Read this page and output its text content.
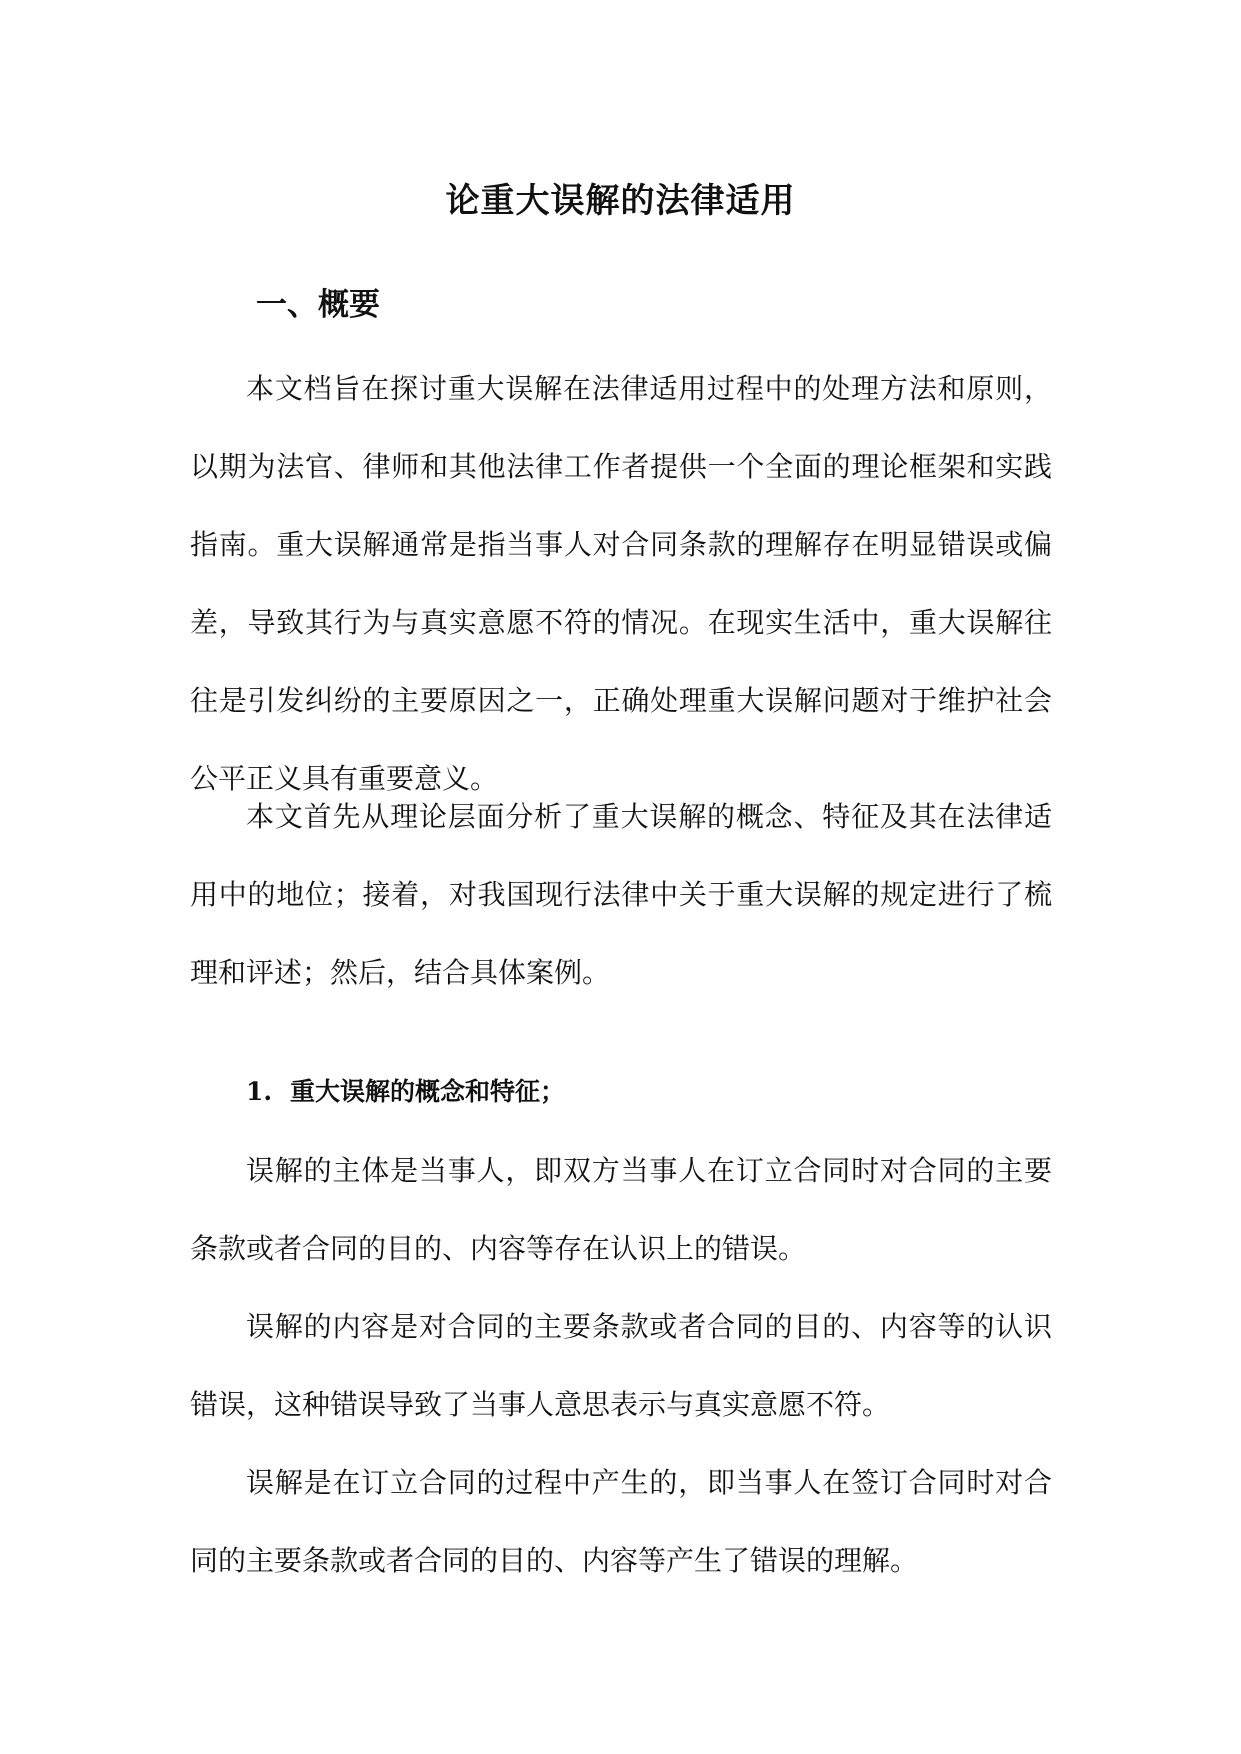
论重大误解的法律适用
一、概要

本文档旨在探讨重大误解在法律适用过程中的处理方法和原则，以期为法官、律师和其他法律工作者提供一个全面的理论框架和实践指南。重大误解通常是指当事人对合同条款的理解存在明显错误或偏差，导致其行为与真实意愿不符的情况。在现实生活中，重大误解往往是引发纠纷的主要原因之一，正确处理重大误解问题对于维护社会公平正义具有重要意义。

本文首先从理论层面分析了重大误解的概念、特征及其在法律适用中的地位；接着，对我国现行法律中关于重大误解的规定进行了梳理和评述；然后，结合具体案例。

1. 重大误解的概念和特征；

误解的主体是当事人，即双方当事人在订立合同时对合同的主要条款或者合同的目的、内容等存在认识上的错误。

误解的内容是对合同的主要条款或者合同的目的、内容等的认识错误，这种错误导致了当事人意思表示与真实意愿不符。

误解是在订立合同的过程中产生的，即当事人在签订合同时对合同的主要条款或者合同的目的、内容等产生了错误的理解。
